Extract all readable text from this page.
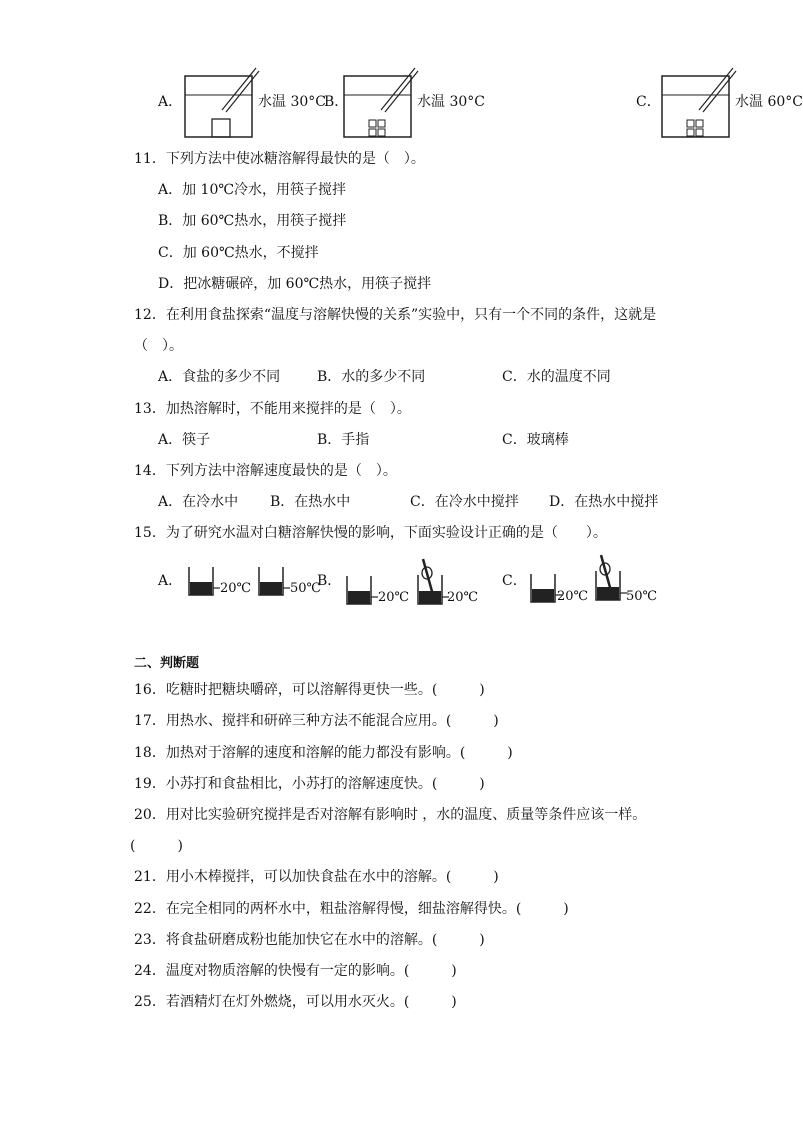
A．	水温 30°C
B．	水温 30°C	C．	水温 60°C
11．下列方法中使冰糖溶解得最快的是（　）。
A．加 10℃冷水，用筷子搅拌
B．加 60℃热水，用筷子搅拌
C．加 60℃热水，不搅拌
D．把冰糖碾碎，加 60℃热水，用筷子搅拌
12．在利用食盐探索“温度与溶解快慢的关系”实验中，只有一个不同的条件，这就是
（　）。
A．食盐的多少不同	B．水的多少不同	C．水的温度不同
13．加热溶解时，不能用来搅拌的是（　）。
A．筷子	B．手指	C．玻璃棒
14．下列方法中溶解速度最快的是（　）。
A．在冷水中 B．在热水中	C．在冷水中搅拌 D．在热水中搅拌
15．为了研究水温对白糖溶解快慢的影响，下面实验设计正确的是（　　）。
A．	20℃	50℃
B．
20℃	20℃
C．
20℃	50℃
二、判断题
16．吃糖时把糖块嚼碎，可以溶解得更快一些。(　　　)
17．用热水、搅拌和研碎三种方法不能混合应用。(　　　)
18．加热对于溶解的速度和溶解的能力都没有影响。(　　　)
19．小苏打和食盐相比，小苏打的溶解速度快。(　　　)
20．用对比实验研究搅拌是否对溶解有影响时 ，水的温度、质量等条件应该一样。
(　　　)
21．用小木棒搅拌，可以加快食盐在水中的溶解。(　　　)
22．在完全相同的两杯水中，粗盐溶解得慢，细盐溶解得快。(　　　)
23．将食盐研磨成粉也能加快它在水中的溶解。(　　　)
24．温度对物质溶解的快慢有一定的影响。(　　　)
25．若酒精灯在灯外燃烧，可以用水灭火。(　　　)
